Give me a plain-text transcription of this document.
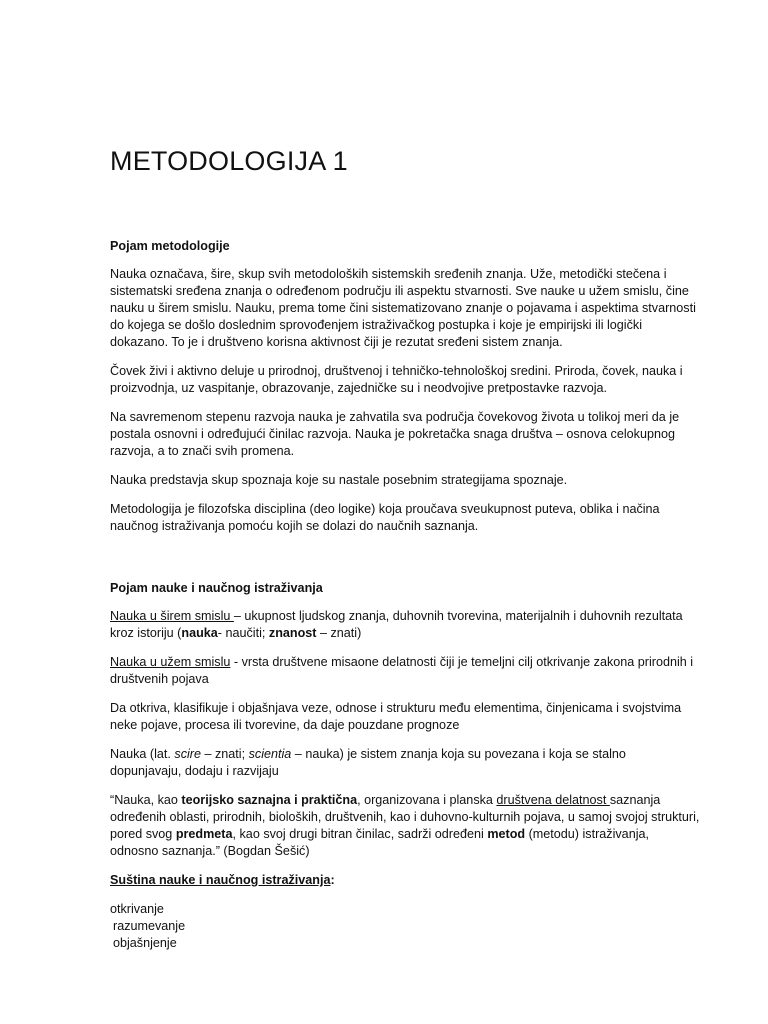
METODOLOGIJA 1
Pojam metodologije

Nauka označava, šire, skup svih metodoloških sistemskih sređenih znanja. Uže, metodički stečena i sistematski sređena znanja o određenom području ili aspektu stvarnosti. Sve nauke u užem smislu, čine nauku u širem smislu. Nauku, prema tome čini sistematizovano znanje o pojavama i aspektima stvarnosti do kojega se došlo doslednim sprovođenjem istraživačkog postupka i koje je empirijski ili logički dokazano. To je i društveno korisna aktivnost čiji je rezutat sređeni sistem znanja.

Čovek živi i aktivno deluje u prirodnoj, društvenoj i tehničko-tehnološkoj sredini. Priroda, čovek, nauka i proizvodnja, uz vaspitanje, obrazovanje, zajedničke su i neodvojive pretpostavke razvoja.

Na savremenom stepenu razvoja nauka je zahvatila sva područja čovekovog života u tolikoj meri da je postala osnovni i određujući činilac razvoja. Nauka je pokretačka snaga društva – osnova celokupnog razvoja, a to znači svih promena.

Nauka predstavja skup spoznaja koje su nastale posebnim strategijama spoznaje.

Metodologija je filozofska disciplina (deo logike) koja proučava sveukupnost puteva, oblika i načina naučnog istraživanja pomoću kojih se dolazi do naučnih saznanja.

Pojam nauke i naučnog istraživanja

Nauka u širem smislu – ukupnost ljudskog znanja, duhovnih tvorevina, materijalnih i duhovnih rezultata kroz istoriju (nauka- naučiti; znanost – znati)

Nauka u užem smislu - vrsta društvene misaone delatnosti čiji je temeljni cilj otkrivanje zakona prirodnih i društvenih pojava

Da otkriva, klasifikuje i objašnjava veze, odnose i strukturu među elementima, činjenicama i svojstvima neke pojave, procesa ili tvorevine, da daje pouzdane prognoze

Nauka (lat. scire – znati; scientia – nauka) je sistem znanja koja su povezana i koja se stalno dopunjavaju, dodaju i razvijaju

“Nauka, kao teorijsko saznajna i praktična, organizovana i planska društvena delatnost saznanja određenih oblasti, prirodnih, bioloških, društvenih, kao i duhovno-kulturnih pojava, u samoj svojoj strukturi, pored svog predmeta, kao svoj drugi bitran činilac, sadrži određeni metod (metodu) istraživanja, odnosno saznanja.” (Bogdan Šešić)

Suština nauke i naučnog istraživanja:

otkrivanje
razumevanje
objašnjenje
